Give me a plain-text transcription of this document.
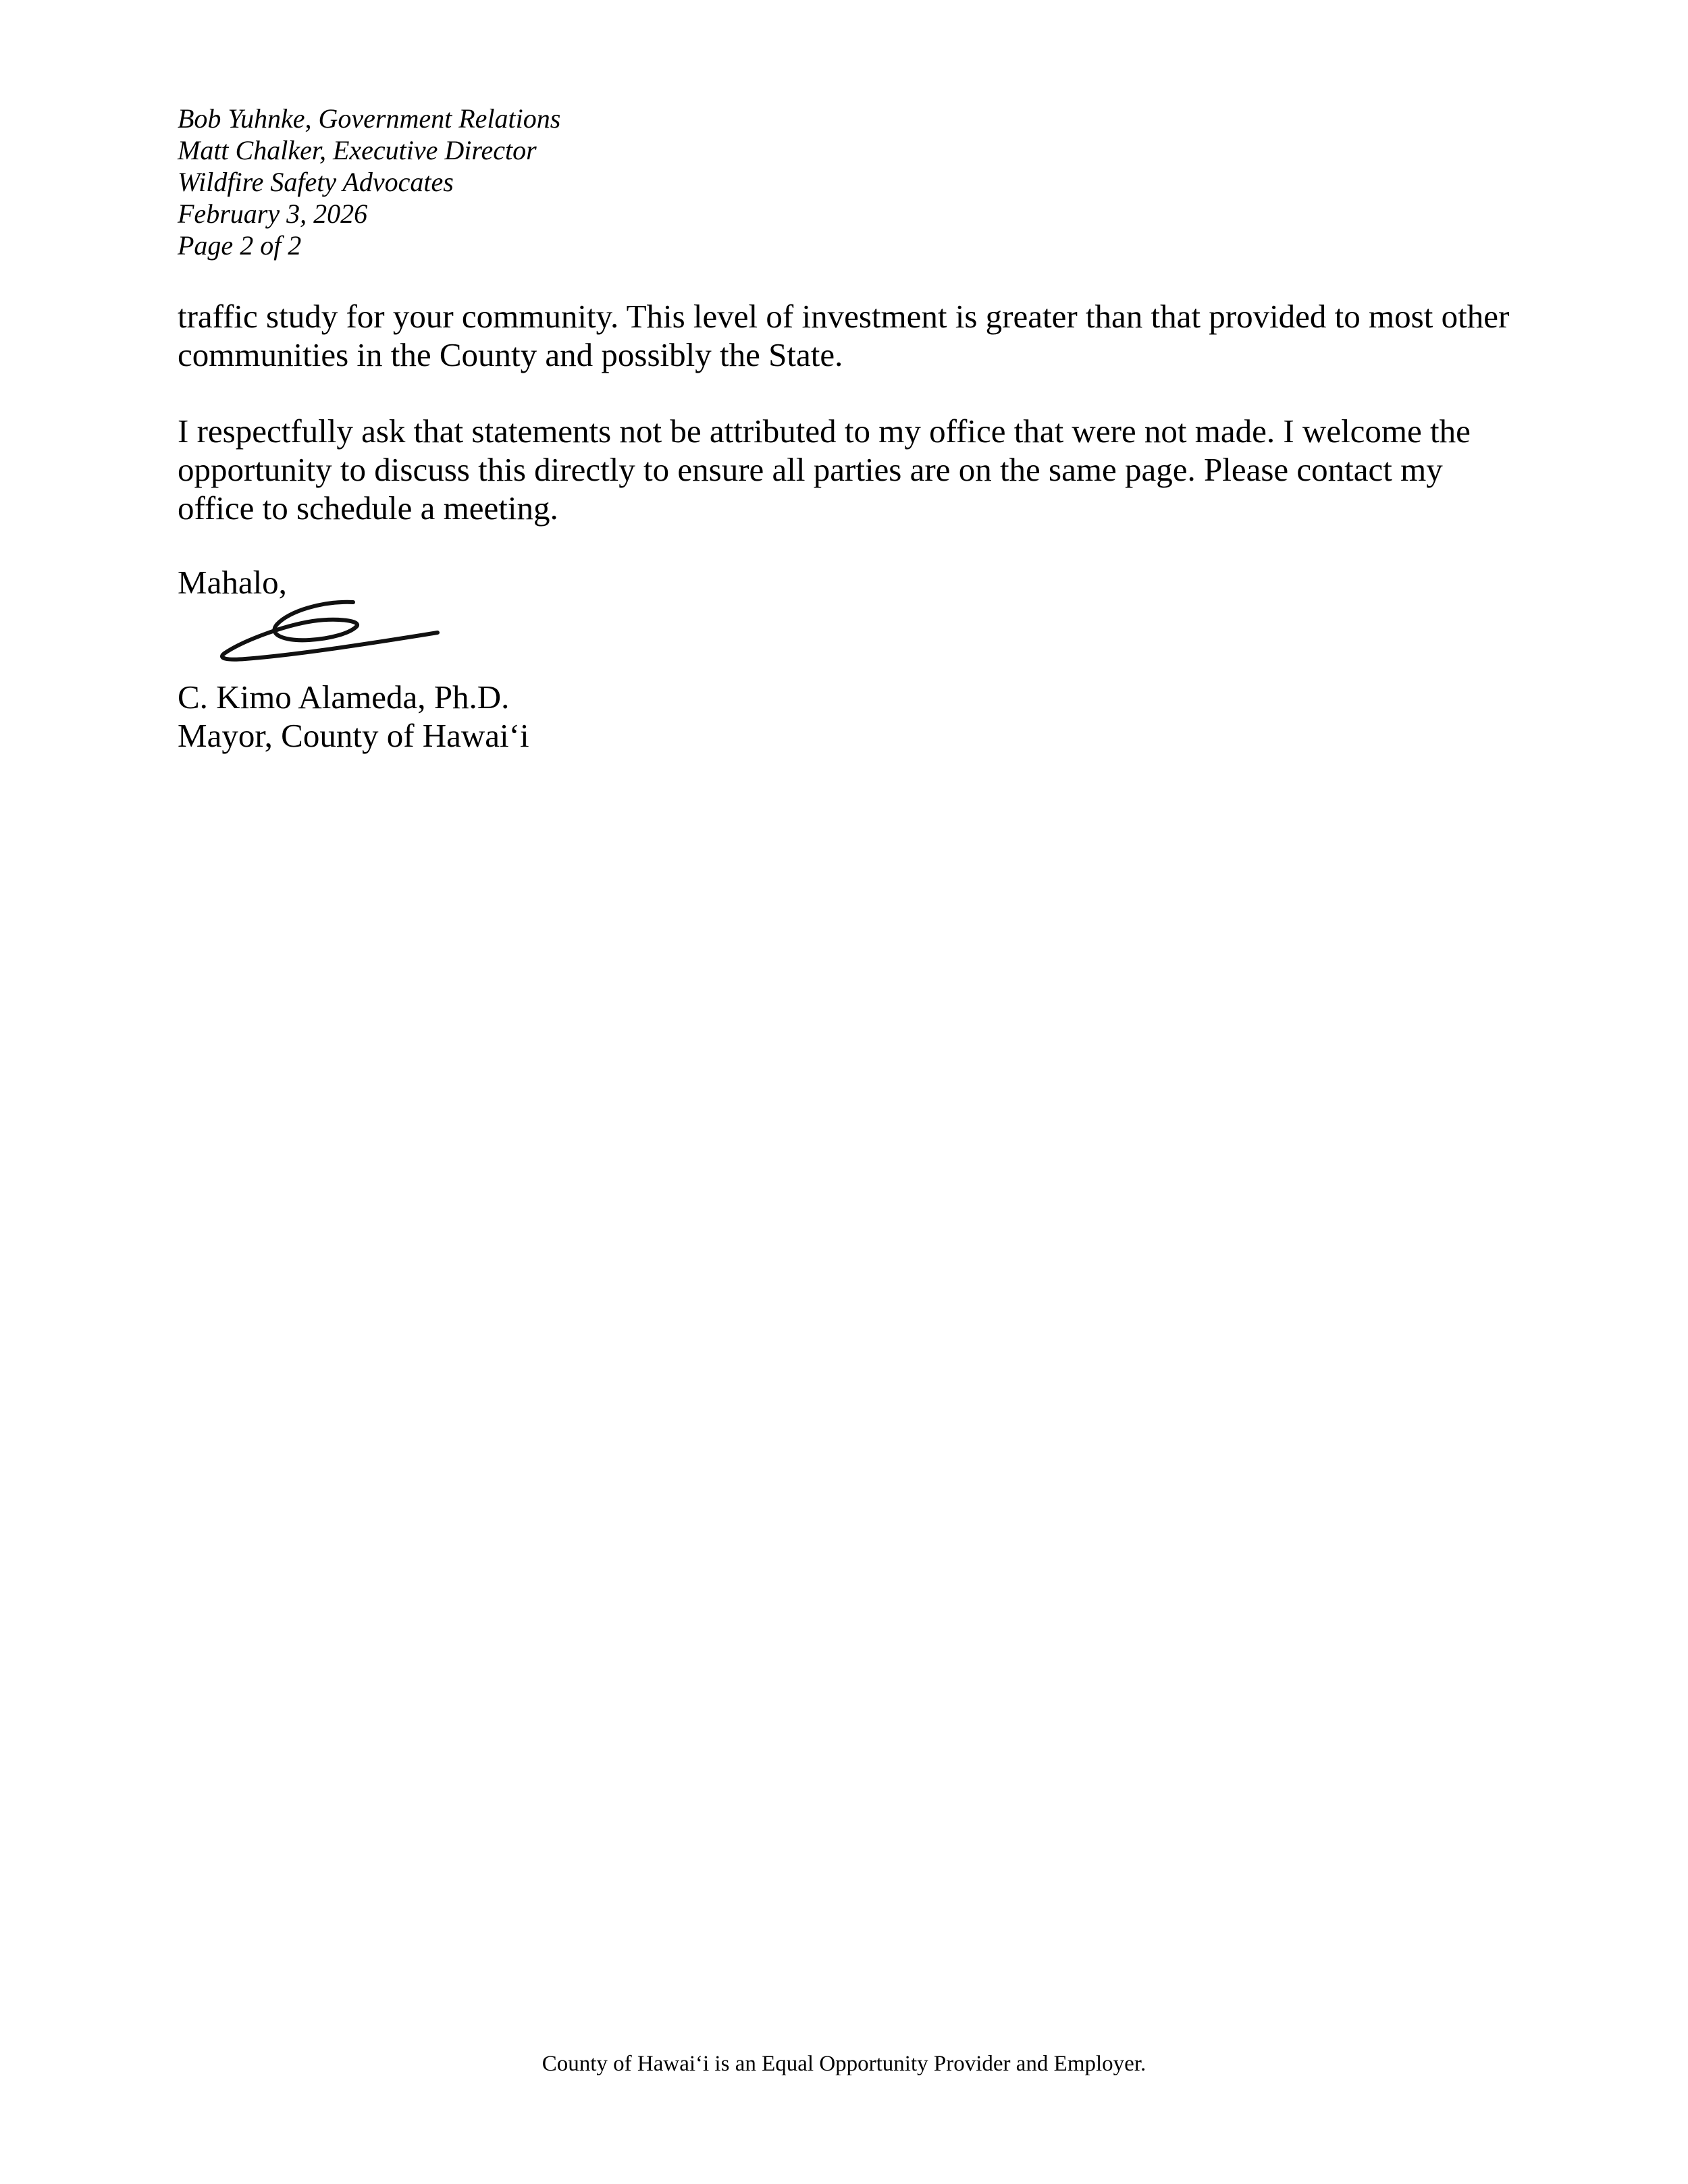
Bob Yuhnke, Government Relations
Matt Chalker, Executive Director
Wildfire Safety Advocates
February 3, 2026
Page 2 of 2

traffic study for your community. This level of investment is greater than that provided to most other communities in the County and possibly the State.

I respectfully ask that statements not be attributed to my office that were not made. I welcome the opportunity to discuss this directly to ensure all parties are on the same page. Please contact my office to schedule a meeting.

Mahalo,
C. Kimo Alameda, Ph.D.
Mayor, County of Hawaiʻi
County of Hawaiʻi is an Equal Opportunity Provider and Employer.
